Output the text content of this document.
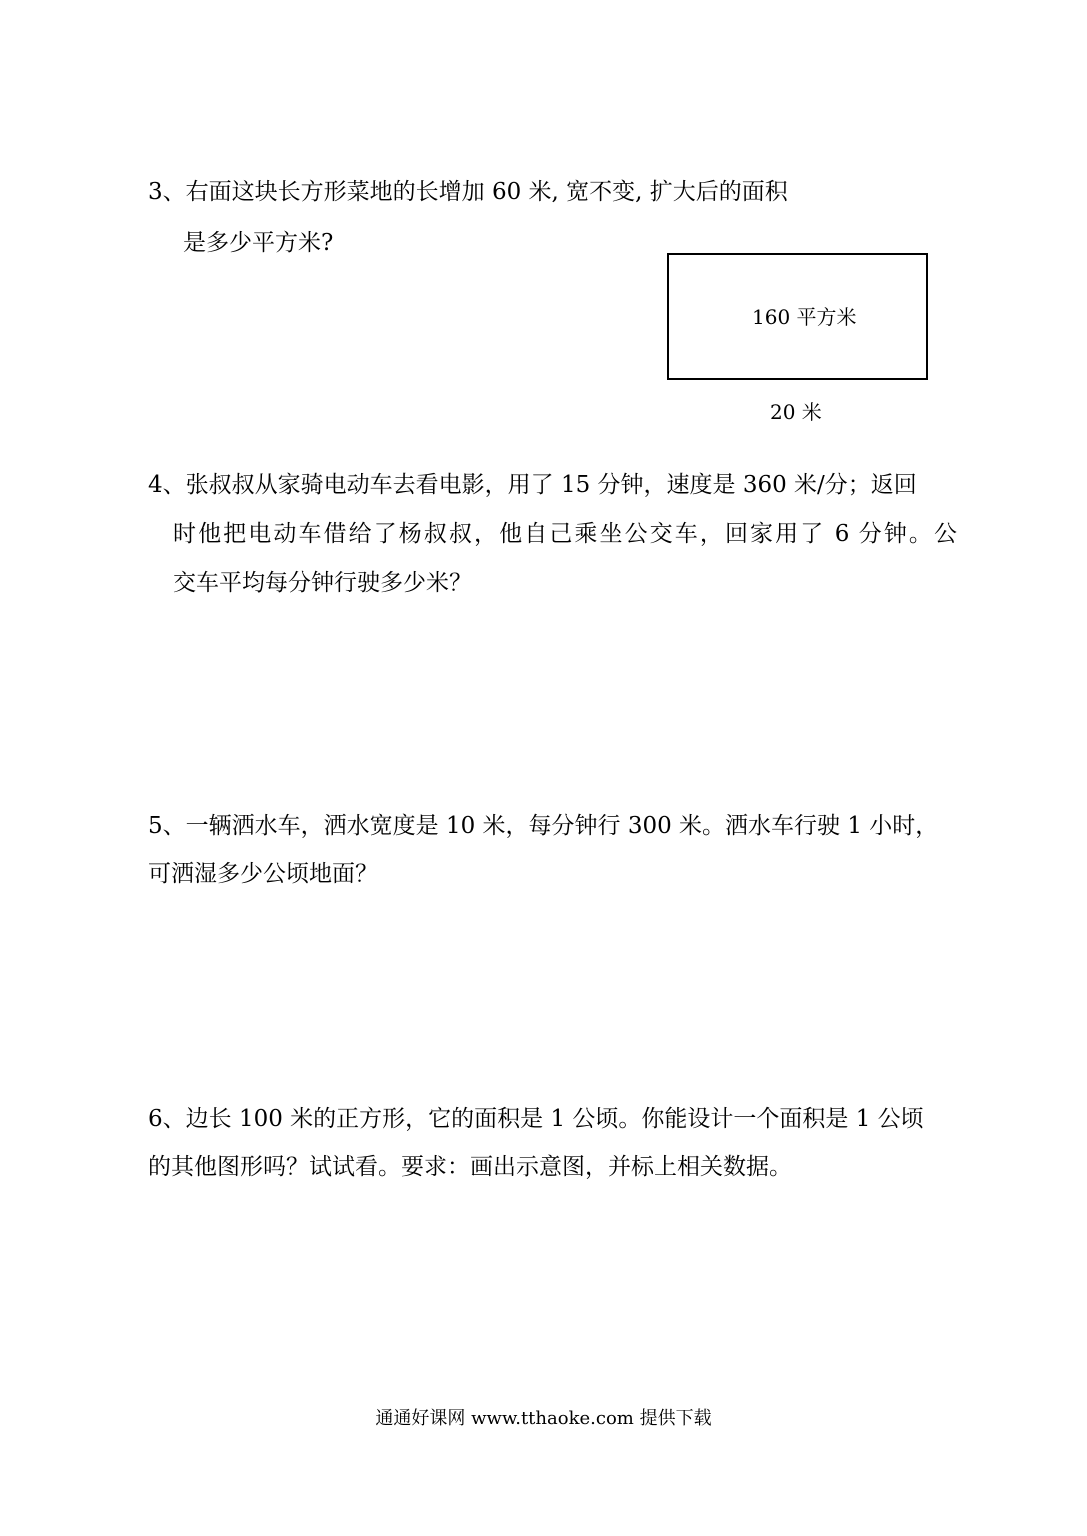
3、右面这块长方形菜地的长增加 60 米, 宽不变, 扩大后的面积
是多少平方米?
160 平方米
20 米
4、张叔叔从家骑电动车去看电影，用了 15 分钟，速度是 360 米/分；返回
时他把电动车借给了杨叔叔，他自己乘坐公交车，回家用了 6 分钟。公
交车平均每分钟行驶多少米？
5、一辆洒水车，洒水宽度是 10 米，每分钟行 300 米。洒水车行驶 1 小时，
可洒湿多少公顷地面？
6、边长 100 米的正方形，它的面积是 1 公顷。你能设计一个面积是 1 公顷
的其他图形吗？试试看。要求：画出示意图，并标上相关数据。
通通好课网 www.tthaoke.com 提供下载
